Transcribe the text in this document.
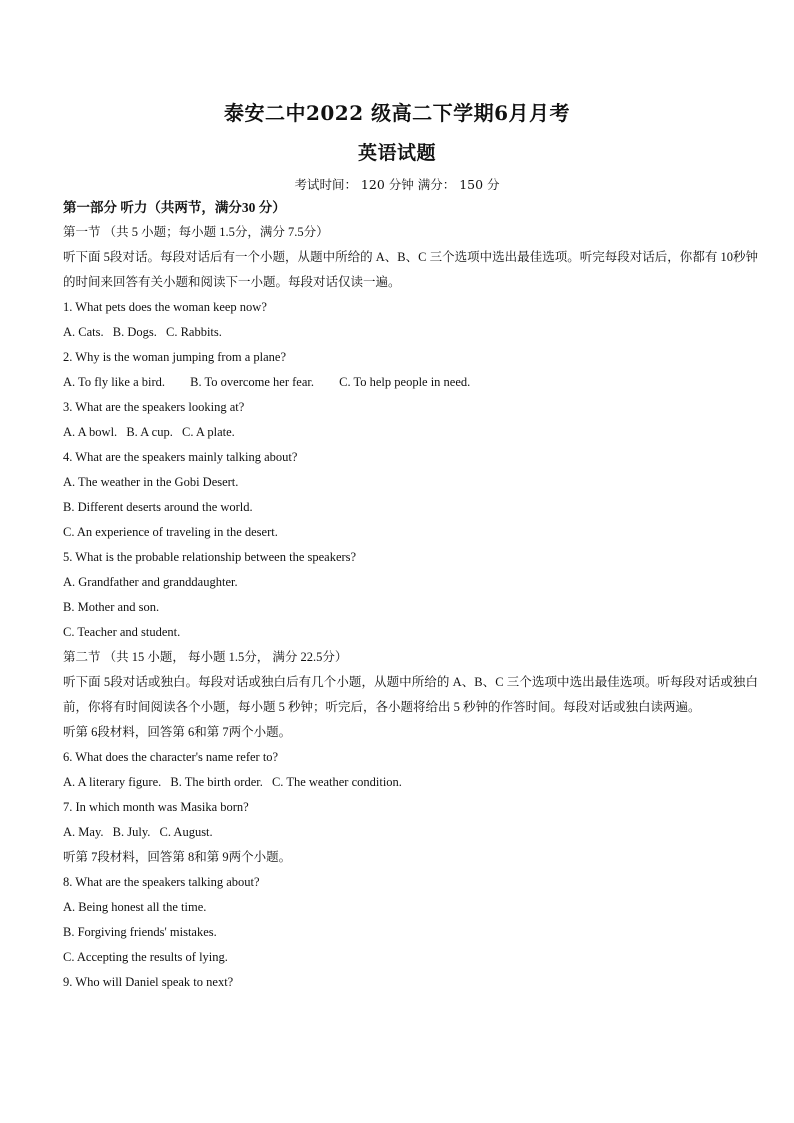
泰安二中2022 级高二下学期6月月考
英语试题
考试时间： 120 分钟 满分： 150 分
第一部分 听力（共两节，满分30 分）
第一节 （共 5 小题；每小题 1.5分，满分 7.5分）
听下面 5段对话。每段对话后有一个小题，从题中所给的 A、B、C 三个选项中选出最佳选项。听完每段对话后，你都有 10秒钟的时间来回答有关小题和阅读下一小题。每段对话仅读一遍。
1. What pets does the woman keep now?
A. Cats. B. Dogs. C. Rabbits.
2. Why is the woman jumping from a plane?
A. To fly like a bird. B. To overcome her fear. C. To help people in need.
3. What are the speakers looking at?
A. A bowl. B. A cup. C. A plate.
4. What are the speakers mainly talking about?
A. The weather in the Gobi Desert.
B. Different deserts around the world.
C. An experience of traveling in the desert.
5. What is the probable relationship between the speakers?
A. Grandfather and granddaughter.
B. Mother and son.
C. Teacher and student.
第二节 （共 15 小题， 每小题 1.5分， 满分 22.5分）
听下面 5段对话或独白。每段对话或独白后有几个小题，从题中所给的 A、B、C 三个选项中选出最佳选项。听每段对话或独白前，你将有时间阅读各个小题，每小题 5 秒钟；听完后，各小题将给出 5 秒钟的作答时间。每段对话或独白读两遍。
听第 6段材料，回答第 6和第 7两个小题。
6. What does the character's name refer to?
A. A literary figure. B. The birth order. C. The weather condition.
7. In which month was Masika born?
A. May. B. July. C. August.
听第 7段材料，回答第 8和第 9两个小题。
8. What are the speakers talking about?
A. Being honest all the time.
B. Forgiving friends' mistakes.
C. Accepting the results of lying.
9. Who will Daniel speak to next?
